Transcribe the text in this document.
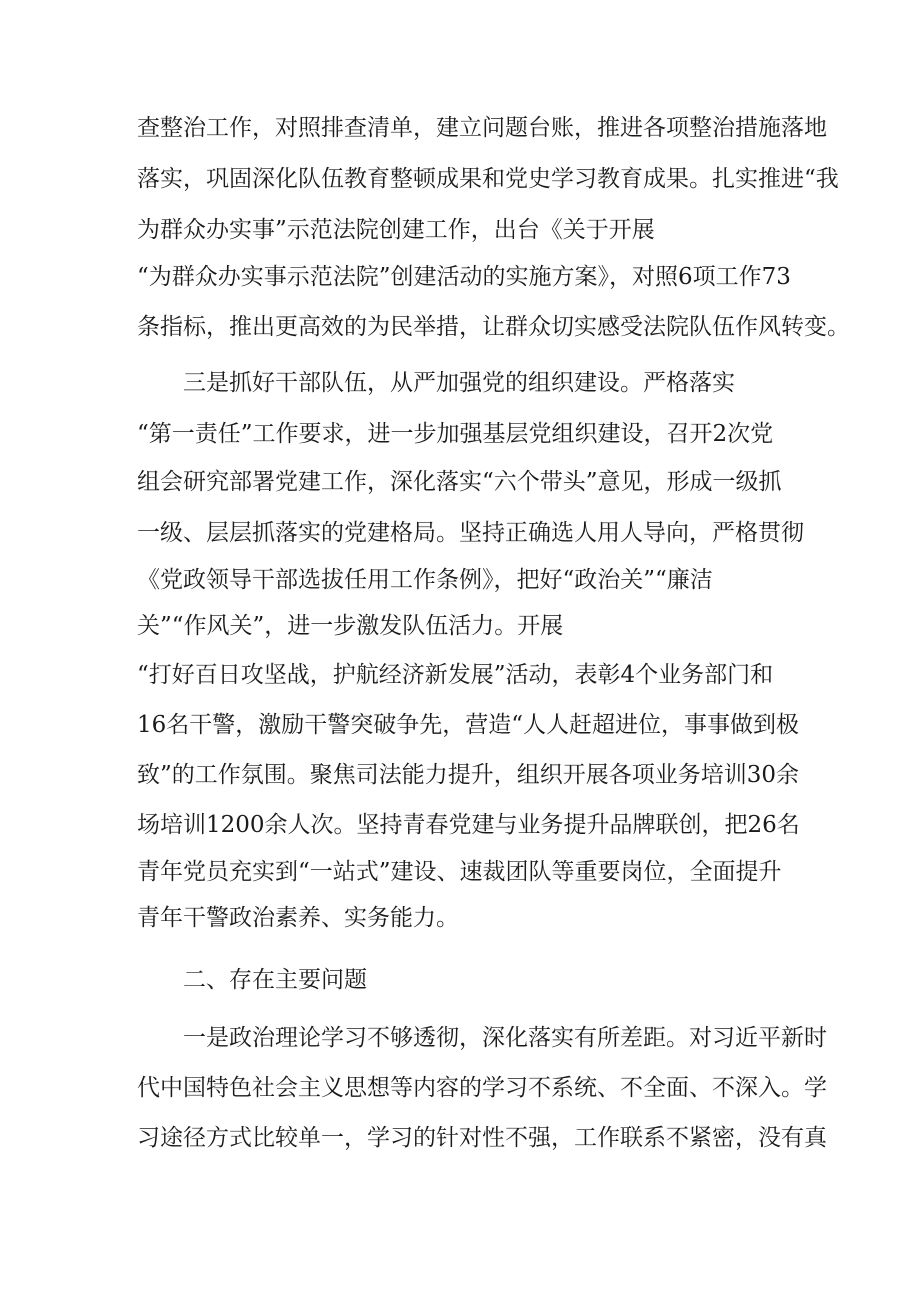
查整治工作，对照排查清单，建立问题台账，推进各项整治措施落地
落实，巩固深化队伍教育整顿成果和党史学习教育成果。扎实推进“我
为群众办实事”示范法院创建工作，出台《关于开展
“为群众办实事示范法院”创建活动的实施方案》，对照6项工作73
条指标，推出更高效的为民举措，让群众切实感受法院队伍作风转变。
三是抓好干部队伍，从严加强党的组织建设。严格落实
“第一责任”工作要求，进一步加强基层党组织建设，召开2次党
组会研究部署党建工作，深化落实“六个带头”意见，形成一级抓
一级、层层抓落实的党建格局。坚持正确选人用人导向，严格贯彻
《党政领导干部选拔任用工作条例》，把好“政治关”“廉洁
关”“作风关”，进一步激发队伍活力。开展
“打好百日攻坚战，护航经济新发展”活动，表彰4个业务部门和
16名干警，激励干警突破争先，营造“人人赶超进位，事事做到极
致”的工作氛围。聚焦司法能力提升，组织开展各项业务培训30余
场培训1200余人次。坚持青春党建与业务提升品牌联创，把26名
青年党员充实到“一站式”建设、速裁团队等重要岗位，全面提升
青年干警政治素养、实务能力。
二、存在主要问题
一是政治理论学习不够透彻，深化落实有所差距。对习近平新时
代中国特色社会主义思想等内容的学习不系统、不全面、不深入。学
习途径方式比较单一，学习的针对性不强，工作联系不紧密，没有真
